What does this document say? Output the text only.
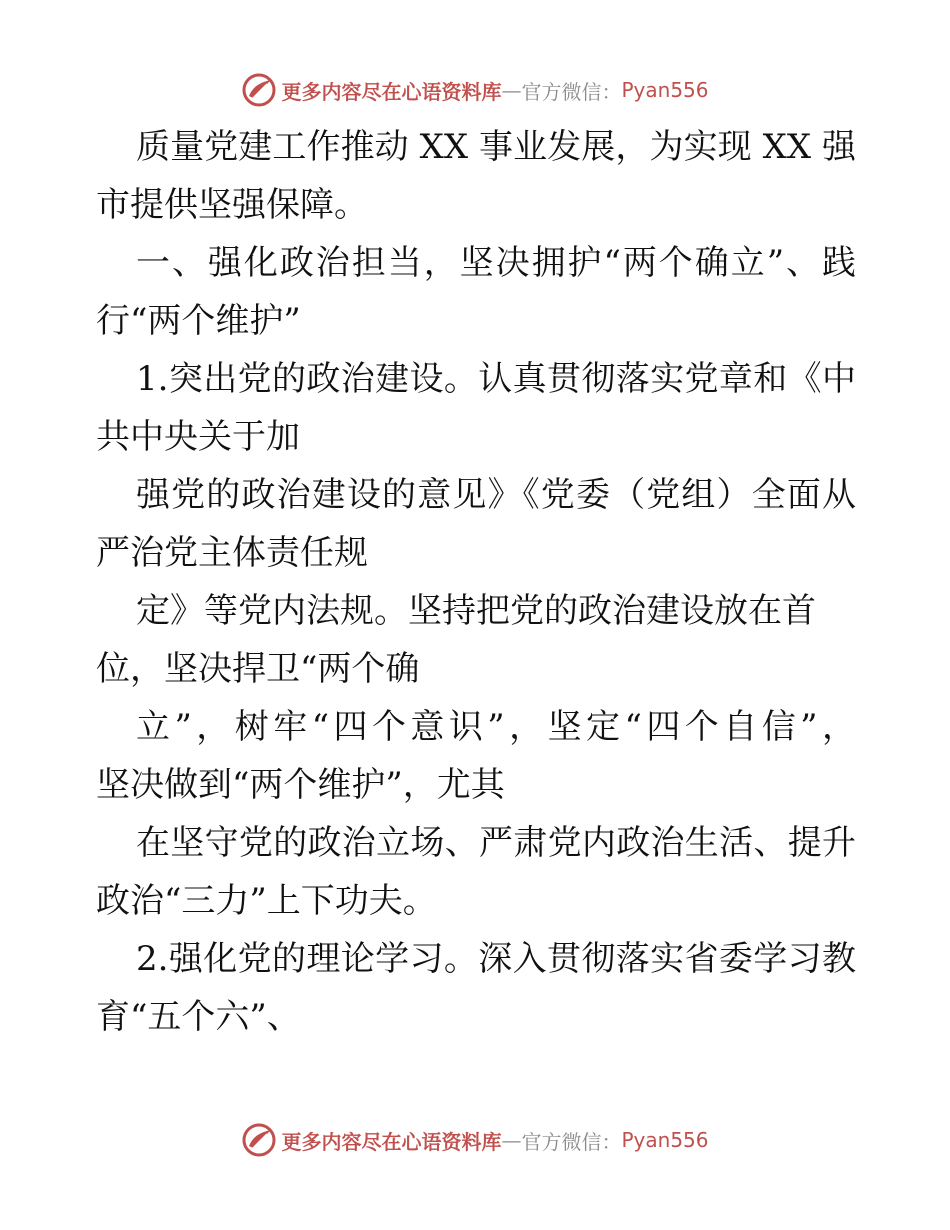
更多内容尽在心语资料库 — 官方微信： Pyan556
质量党建工作推动 XX 事业发展，为实现 XX 强
市提供坚强保障。
一、强化政治担当，坚决拥护“两个确立”、践
行“两个维护”
1.突出党的政治建设。认真贯彻落实党章和《中
共中央关于加
强党的政治建设的意见》《党委（党组）全面从
严治党主体责任规
定》等党内法规。坚持把党的政治建设放在首
位，坚决捍卫“两个确
立”，树牢“四个意识”，坚定“四个自信”，
坚决做到“两个维护”，尤其
在坚守党的政治立场、严肃党内政治生活、提升
政治“三力”上下功夫。
2.强化党的理论学习。深入贯彻落实省委学习教
育“五个六”、
更多内容尽在心语资料库 — 官方微信： Pyan556
